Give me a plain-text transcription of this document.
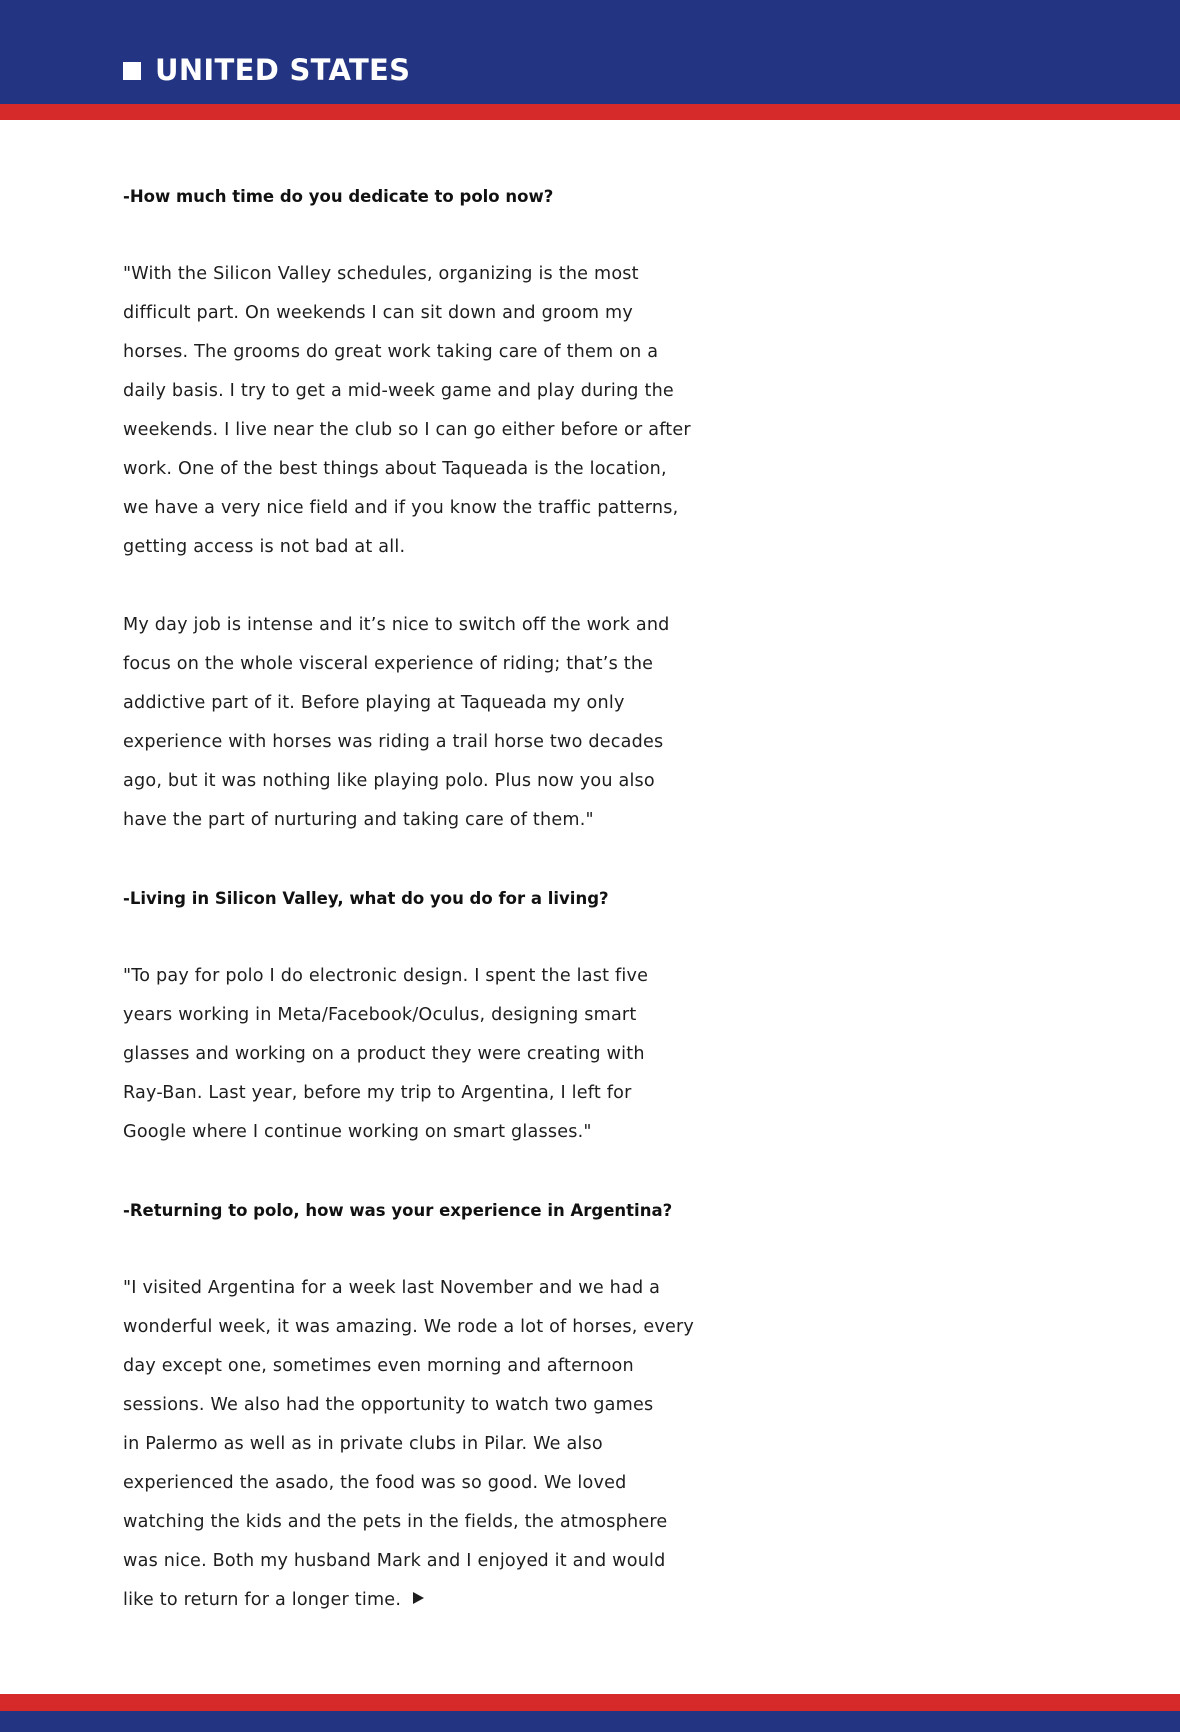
UNITED STATES
-How much time do you dedicate to polo now?
"With the Silicon Valley schedules, organizing is the most
difficult part. On weekends I can sit down and groom my
horses. The grooms do great work taking care of them on a
daily basis. I try to get a mid-week game and play during the
weekends. I live near the club so I can go either before or after
work. One of the best things about Taqueada is the location,
we have a very nice field and if you know the traffic patterns,
getting access is not bad at all.
My day job is intense and it’s nice to switch off the work and
focus on the whole visceral experience of riding; that’s the
addictive part of it. Before playing at Taqueada my only
experience with horses was riding a trail horse two decades
ago, but it was nothing like playing polo. Plus now you also
have the part of nurturing and taking care of them."
-Living in Silicon Valley, what do you do for a living?
"To pay for polo I do electronic design. I spent the last five
years working in Meta/Facebook/Oculus, designing smart
glasses and working on a product they were creating with
Ray-Ban. Last year, before my trip to Argentina, I left for
Google where I continue working on smart glasses."
-Returning to polo, how was your experience in Argentina?
"I visited Argentina for a week last November and we had a
wonderful week, it was amazing. We rode a lot of horses, every
day except one, sometimes even morning and afternoon
sessions. We also had the opportunity to watch two games
in Palermo as well as in private clubs in Pilar. We also
experienced the asado, the food was so good. We loved
watching the kids and the pets in the fields, the atmosphere
was nice. Both my husband Mark and I enjoyed it and would
like to return for a longer time.
